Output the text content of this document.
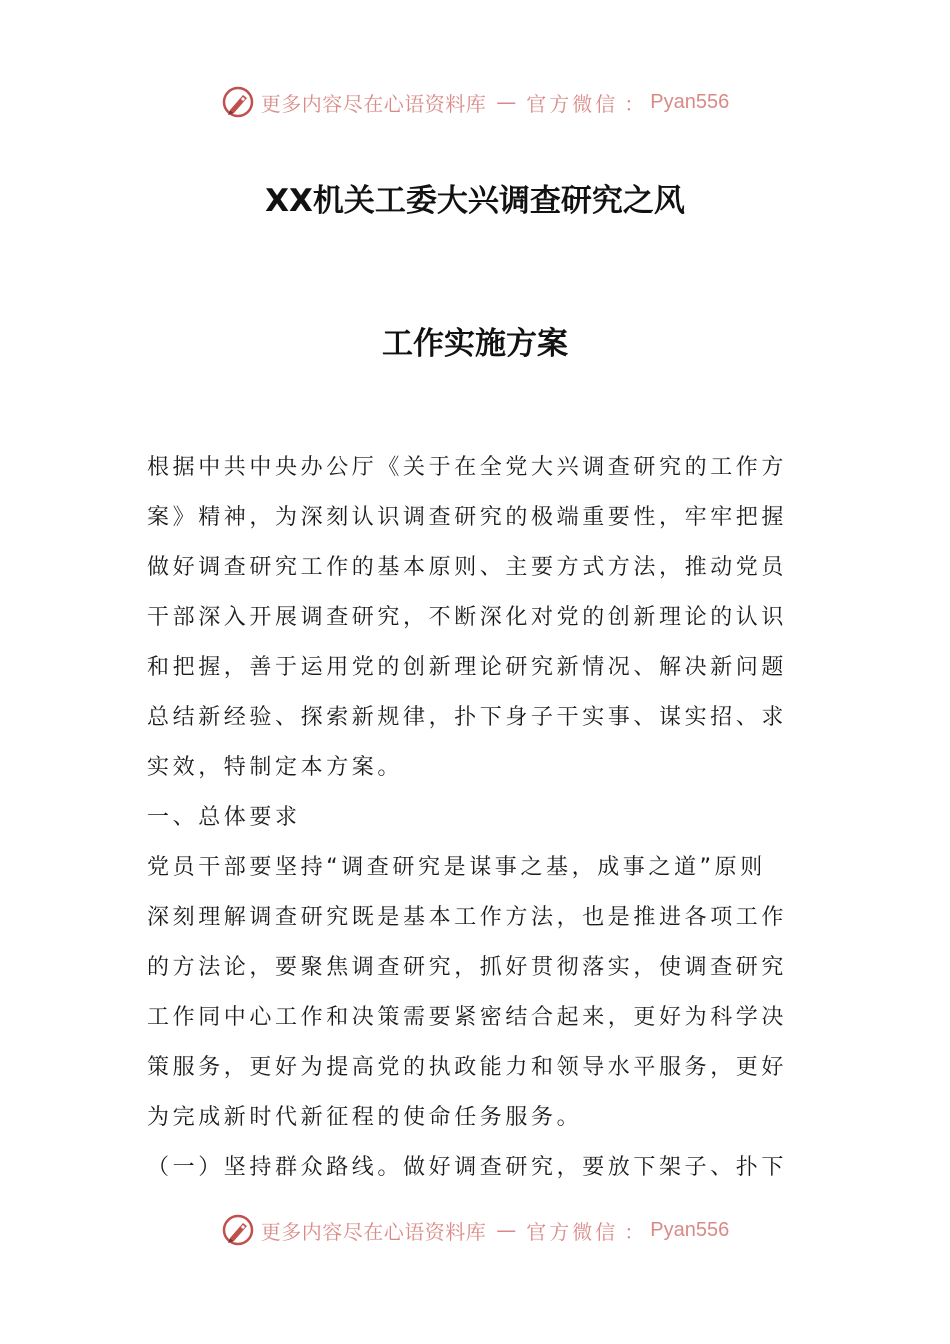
更多内容尽在心语资料库 — 官方微信 ： Pyan556
XX机关工委大兴调查研究之风
工作实施方案
根据中共中央办公厅《关于在全党大兴调查研究的工作方
案》精神，为深刻认识调查研究的极端重要性，牢牢把握
做好调查研究工作的基本原则、主要方式方法，推动党员
干部深入开展调查研究，不断深化对党的创新理论的认识
和把握，善于运用党的创新理论研究新情况、解决新问题
总结新经验、探索新规律，扑下身子干实事、谋实招、求
实效，特制定本方案。
一、总体要求
党员干部要坚持“调查研究是谋事之基，成事之道”原则
深刻理解调查研究既是基本工作方法，也是推进各项工作
的方法论，要聚焦调查研究，抓好贯彻落实，使调查研究
工作同中心工作和决策需要紧密结合起来，更好为科学决
策服务，更好为提高党的执政能力和领导水平服务，更好
为完成新时代新征程的使命任务服务。
（一）坚持群众路线。做好调查研究，要放下架子、扑下
更多内容尽在心语资料库 — 官方微信 ： Pyan556
